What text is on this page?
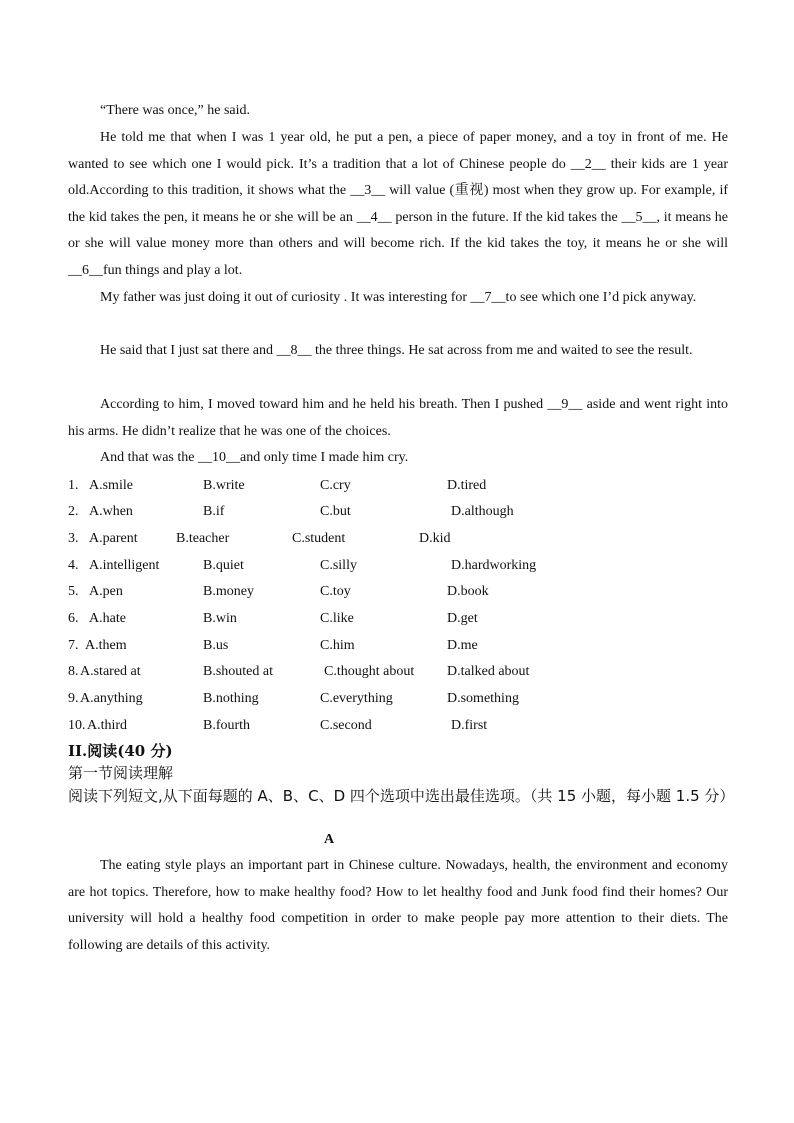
“There was once,” he said.

He told me that when I was 1 year old, he put a pen, a piece of paper money, and a toy in front of me. He wanted to see which one I would pick. It’s a tradition that a lot of Chinese people do __2__ their kids are 1 year old.According to this tradition, it shows what the __3__ will value (重视) most when they grow up. For example, if the kid takes the pen, it means he or she will be an __4__ person in the future. If the kid takes the __5__, it means he or she will value money more than others and will become rich. If the kid takes the toy, it means he or she will __6__fun things and play a lot.

My father was just doing it out of curiosity . It was interesting for __7__to see which one I’d pick anyway.

He said that I just sat there and __8__ the three things. He sat across from me and waited to see the result.

According to him, I moved toward him and he held his breath. Then I pushed __9__ aside and went right into his arms. He didn’t realize that he was one of the choices.

And that was the __10__and only time I made him cry.

1. A.smile	B.write	C.cry	D.tired
2. A.when	B.if	C.but	D.although
3. A.parent	B.teacher	C.student	D.kid
4. A.intelligent	B.quiet	C.silly	D.hardworking
5. A.pen	B.money	C.toy	D.book
6. A.hate	B.win	C.like	D.get
7. A.them	B.us	C.him	D.me
8. A.stared at	B.shouted at	C.thought about D.talked about
9. A.anything	B.nothing	C.everything	D.something
10. A.third	B.fourth	C.second	D.first
II.阅读(40 分)
第一节阅读理解
阅读下列短文,从下面每题的 A、B、C、D 四个选项中选出最佳选项。（共 15 小题，每小题 1.5 分）
A

The eating style plays an important part in Chinese culture. Nowadays, health, the environment and economy are hot topics. Therefore, how to make healthy food? How to let healthy food and Junk food find their homes? Our university will hold a healthy food competition in order to make people pay more attention to their diets. The following are details of this activity.
